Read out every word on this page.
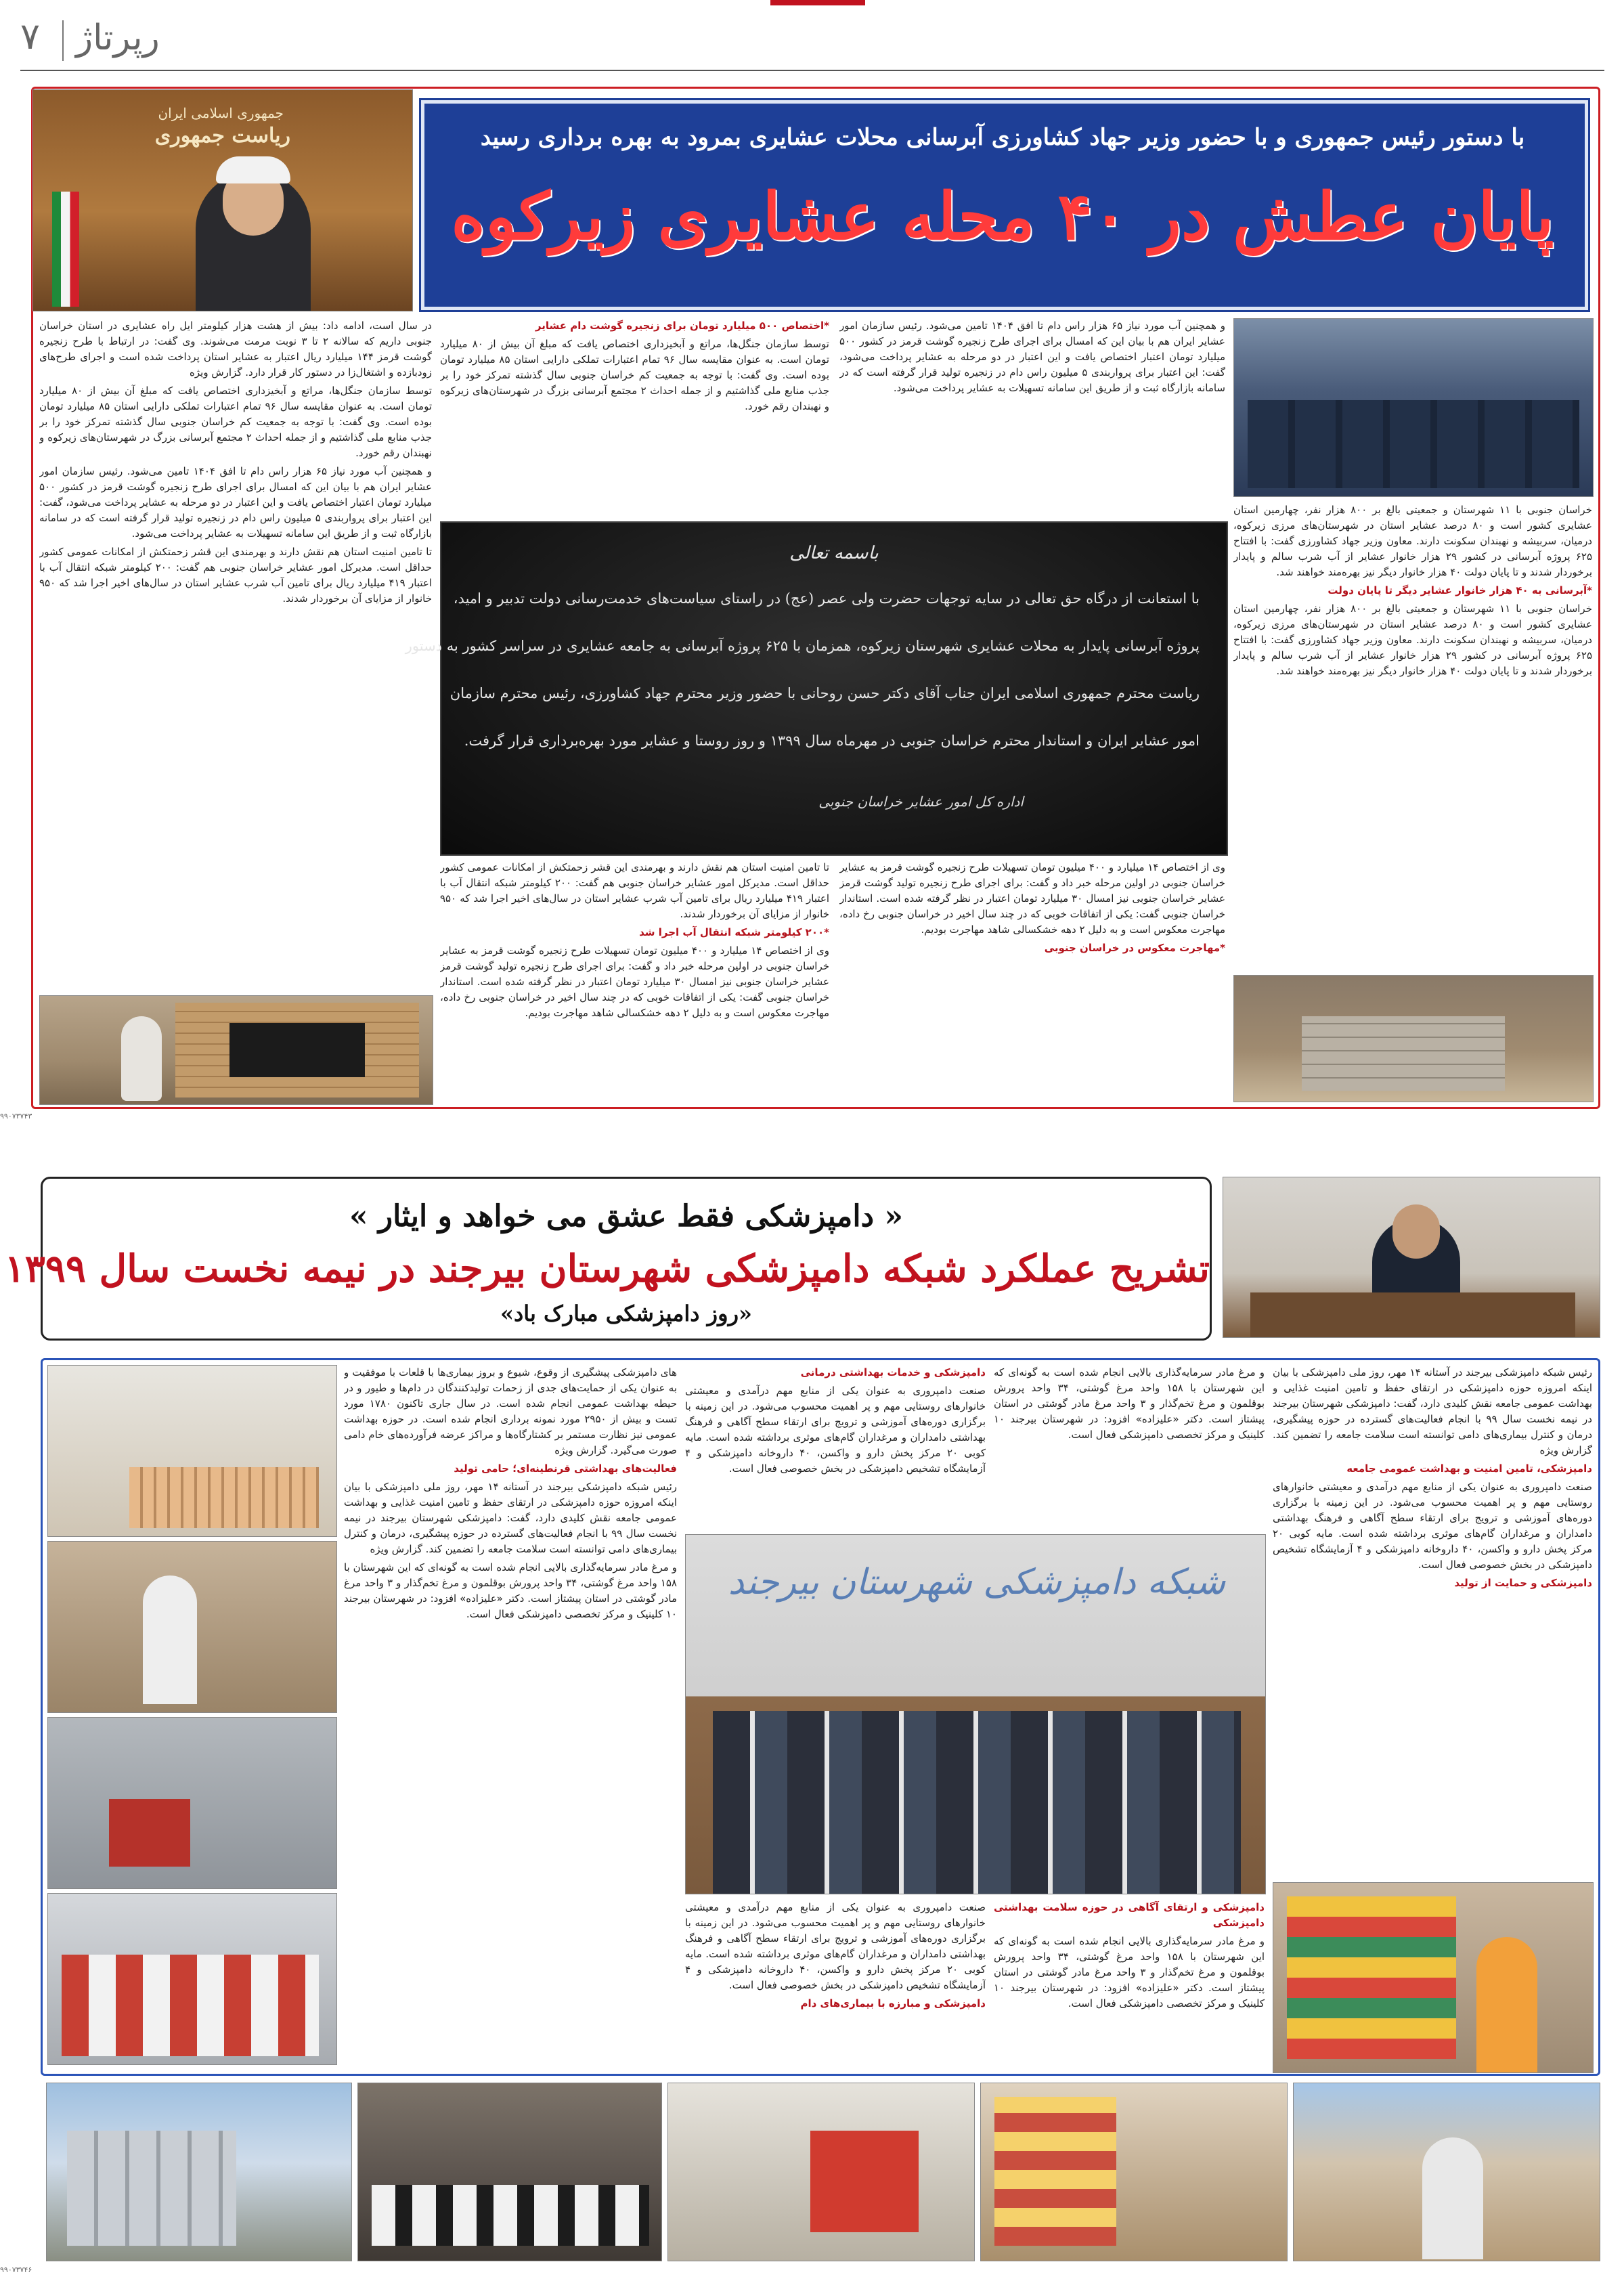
۷ رپرتاژ
جمهوری اسلامی ایران
ریاست جمهوری	با دستور رئیس جمهوری و با حضور وزیر جهاد کشاورزی آبرسانی محلات عشایری بمرود به بهره برداری رسید
پایان عطش در ۴۰ محله عشایری زیرکوه

خراسان جنوبی با ۱۱ شهرستان و جمعیتی بالغ بر ۸۰۰ هزار نفر، چهارمین استان عشایری کشور است و ۸۰ درصد عشایر استان در شهرستان‌های مرزی زیرکوه، درمیان، سربیشه و نهبندان سکونت دارند. معاون وزیر جهاد کشاورزی گفت: با افتتاح ۶۲۵ پروژه آبرسانی در کشور ۲۹ هزار خانوار عشایر از آب شرب سالم و پایدار برخوردار شدند و تا پایان دولت ۴۰ هزار خانوار دیگر نیز بهره‌مند خواهند شد.

*آبرسانی به ۴۰ هزار خانوار عشایر دیگر تا پایان دولت

خراسان جنوبی با ۱۱ شهرستان و جمعیتی بالغ بر ۸۰۰ هزار نفر، چهارمین استان عشایری کشور است و ۸۰ درصد عشایر استان در شهرستان‌های مرزی زیرکوه، درمیان، سربیشه و نهبندان سکونت دارند. معاون وزیر جهاد کشاورزی گفت: با افتتاح ۶۲۵ پروژه آبرسانی در کشور ۲۹ هزار خانوار عشایر از آب شرب سالم و پایدار برخوردار شدند و تا پایان دولت ۴۰ هزار خانوار دیگر نیز بهره‌مند خواهند شد.

و همچنین آب مورد نیاز ۶۵ هزار راس دام تا افق ۱۴۰۴ تامین می‌شود. رئیس سازمان امور عشایر ایران هم با بیان این که امسال برای اجرای طرح زنجیره گوشت قرمز در کشور ۵۰۰ میلیارد تومان اعتبار اختصاص یافت و این اعتبار در دو مرحله به عشایر پرداخت می‌شود، گفت: این اعتبار برای پرواربندی ۵ میلیون راس دام در زنجیره تولید قرار گرفته است که در سامانه بازارگاه ثبت و از طریق این سامانه تسهیلات به عشایر پرداخت می‌شود.

*اختصاص ۵۰۰ میلیارد تومان برای زنجیره گوشت دام عشایر

توسط سازمان جنگل‌ها، مراتع و آبخیزداری اختصاص یافت که مبلغ آن بیش از ۸۰ میلیارد تومان است. به عنوان مقایسه سال ۹۶ تمام اعتبارات تملکی دارایی استان ۸۵ میلیارد تومان بوده است. وی گفت: با توجه به جمعیت کم خراسان جنوبی سال گذشته تمرکز خود را بر جذب منابع ملی گذاشتیم و از جمله احداث ۲ مجتمع آبرسانی بزرگ در شهرستان‌های زیرکوه و نهبندان رقم خورد.

در سال است، ادامه داد: بیش از هشت هزار کیلومتر ایل راه عشایری در استان خراسان جنوبی داریم که سالانه ۲ تا ۳ نوبت مرمت می‌شوند. وی گفت: در ارتباط با طرح زنجیره گوشت قرمز ۱۴۴ میلیارد ریال اعتبار به عشایر استان پرداخت شده است و اجرای طرح‌های زودبازده و اشتغال‌زا در دستور کار قرار دارد. گزارش ویژه

توسط سازمان جنگل‌ها، مراتع و آبخیزداری اختصاص یافت که مبلغ آن بیش از ۸۰ میلیارد تومان است. به عنوان مقایسه سال ۹۶ تمام اعتبارات تملکی دارایی استان ۸۵ میلیارد تومان بوده است. وی گفت: با توجه به جمعیت کم خراسان جنوبی سال گذشته تمرکز خود را بر جذب منابع ملی گذاشتیم و از جمله احداث ۲ مجتمع آبرسانی بزرگ در شهرستان‌های زیرکوه و نهبندان رقم خورد.

و همچنین آب مورد نیاز ۶۵ هزار راس دام تا افق ۱۴۰۴ تامین می‌شود. رئیس سازمان امور عشایر ایران هم با بیان این که امسال برای اجرای طرح زنجیره گوشت قرمز در کشور ۵۰۰ میلیارد تومان اعتبار اختصاص یافت و این اعتبار در دو مرحله به عشایر پرداخت می‌شود، گفت: این اعتبار برای پرواربندی ۵ میلیون راس دام در زنجیره تولید قرار گرفته است که در سامانه بازارگاه ثبت و از طریق این سامانه تسهیلات به عشایر پرداخت می‌شود.

تا تامین امنیت استان هم نقش دارند و بهرمندی این قشر زحمتکش از امکانات عمومی کشور حداقل است. مدیرکل امور عشایر خراسان جنوبی هم گفت: ۲۰۰ کیلومتر شبکه انتقال آب با اعتبار ۴۱۹ میلیارد ریال برای تامین آب شرب عشایر استان در سال‌های اخیر اجرا شد که ۹۵۰ خانوار از مزایای آن برخوردار شدند.

باسمه تعالی
با استعانت از درگاه حق تعالی در سایه توجهات حضرت ولی عصر (عج) در راستای سیاست‌های خدمت‌رسانی دولت تدبیر و امید،
پروژه آبرسانی پایدار به محلات عشایری شهرستان زیرکوه، همزمان با ۶۲۵ پروژه آبرسانی به جامعه عشایری در سراسر کشور به دستور
ریاست محترم جمهوری اسلامی ایران جناب آقای دکتر حسن روحانی با حضور وزیر محترم جهاد کشاورزی، رئیس محترم سازمان
امور عشایر ایران و استاندار محترم خراسان جنوبی در مهرماه سال ۱۳۹۹ و روز روستا و عشایر مورد بهره‌برداری قرار گرفت.
اداره کل امور عشایر خراسان جنوبی

وی از اختصاص ۱۴ میلیارد و ۴۰۰ میلیون تومان تسهیلات طرح زنجیره گوشت قرمز به عشایر خراسان جنوبی در اولین مرحله خبر داد و گفت: برای اجرای طرح زنجیره تولید گوشت قرمز عشایر خراسان جنوبی نیز امسال ۳۰ میلیارد تومان اعتبار در نظر گرفته شده است. استاندار خراسان جنوبی گفت: یکی از اتفاقات خوبی که در چند سال اخیر در خراسان جنوبی رخ داده، مهاجرت معکوس است و به دلیل ۲ دهه خشکسالی شاهد مهاجرت بودیم.

*مهاجرت معکوس در خراسان جنوبی

تا تامین امنیت استان هم نقش دارند و بهرمندی این قشر زحمتکش از امکانات عمومی کشور حداقل است. مدیرکل امور عشایر خراسان جنوبی هم گفت: ۲۰۰ کیلومتر شبکه انتقال آب با اعتبار ۴۱۹ میلیارد ریال برای تامین آب شرب عشایر استان در سال‌های اخیر اجرا شد که ۹۵۰ خانوار از مزایای آن برخوردار شدند.

*۲۰۰ کیلومتر شبکه انتقال آب اجرا شد

وی از اختصاص ۱۴ میلیارد و ۴۰۰ میلیون تومان تسهیلات طرح زنجیره گوشت قرمز به عشایر خراسان جنوبی در اولین مرحله خبر داد و گفت: برای اجرای طرح زنجیره تولید گوشت قرمز عشایر خراسان جنوبی نیز امسال ۳۰ میلیارد تومان اعتبار در نظر گرفته شده است. استاندار خراسان جنوبی گفت: یکی از اتفاقات خوبی که در چند سال اخیر در خراسان جنوبی رخ داده، مهاجرت معکوس است و به دلیل ۲ دهه خشکسالی شاهد مهاجرت بودیم.

۹۹۰۷۳۷۴۳
« دامپزشکی فقط عشق می خواهد و ایثار »
تشریح عملکرد شبکه دامپزشکی شهرستان بیرجند در نیمه نخست سال ۱۳۹۹
«روز دامپزشکی مبارک باد»

رئیس شبکه دامپزشکی بیرجند در آستانه ۱۴ مهر، روز ملی دامپزشکی با بیان اینکه امروزه حوزه دامپزشکی در ارتقای حفظ و تامین امنیت غذایی و بهداشت عمومی جامعه نقش کلیدی دارد، گفت: دامپزشکی شهرستان بیرجند در نیمه نخست سال ۹۹ با انجام فعالیت‌های گسترده در حوزه پیشگیری، درمان و کنترل بیماری‌های دامی توانسته است سلامت جامعه را تضمین کند. گزارش ویژه

دامپزشکی، تامین امنیت و بهداشت عمومی جامعه

صنعت دامپروری به عنوان یکی از منابع مهم درآمدی و معیشتی خانوارهای روستایی مهم و پر اهمیت محسوب می‌شود. در این زمینه با برگزاری دوره‌های آموزشی و ترویج برای ارتقاء سطح آگاهی و فرهنگ بهداشتی دامداران و مرغداران گام‌های موثری برداشته شده است. مایه کوبی ۲۰ مرکز پخش دارو و واکسن، ۴۰ داروخانه دامپزشکی و ۴ آزمایشگاه تشخیص دامپزشکی در بخش خصوصی فعال است.

دامپزشکی و حمایت از تولید

و مرغ مادر سرمایه‌گذاری بالایی انجام شده است به گونه‌ای که این شهرستان با ۱۵۸ واحد مرغ گوشتی، ۳۴ واحد پرورش بوقلمون و مرغ تخم‌گذار و ۳ واحد مرغ مادر گوشتی در استان پیشتاز است. دکتر «علیزاده» افزود: در شهرستان بیرجند ۱۰ کلینیک و مرکز تخصصی دامپزشکی فعال است.

دامپزشکی و خدمات بهداشتی درمانی

صنعت دامپروری به عنوان یکی از منابع مهم درآمدی و معیشتی خانوارهای روستایی مهم و پر اهمیت محسوب می‌شود. در این زمینه با برگزاری دوره‌های آموزشی و ترویج برای ارتقاء سطح آگاهی و فرهنگ بهداشتی دامداران و مرغداران گام‌های موثری برداشته شده است. مایه کوبی ۲۰ مرکز پخش دارو و واکسن، ۴۰ داروخانه دامپزشکی و ۴ آزمایشگاه تشخیص دامپزشکی در بخش خصوصی فعال است.

شبکه دامپزشکی شهرستان بیرجند

دامپزشکی و ارتقای آگاهی در حوزه سلامت بهداشتی دامپزشکی

و مرغ مادر سرمایه‌گذاری بالایی انجام شده است به گونه‌ای که این شهرستان با ۱۵۸ واحد مرغ گوشتی، ۳۴ واحد پرورش بوقلمون و مرغ تخم‌گذار و ۳ واحد مرغ مادر گوشتی در استان پیشتاز است. دکتر «علیزاده» افزود: در شهرستان بیرجند ۱۰ کلینیک و مرکز تخصصی دامپزشکی فعال است.

صنعت دامپروری به عنوان یکی از منابع مهم درآمدی و معیشتی خانوارهای روستایی مهم و پر اهمیت محسوب می‌شود. در این زمینه با برگزاری دوره‌های آموزشی و ترویج برای ارتقاء سطح آگاهی و فرهنگ بهداشتی دامداران و مرغداران گام‌های موثری برداشته شده است. مایه کوبی ۲۰ مرکز پخش دارو و واکسن، ۴۰ داروخانه دامپزشکی و ۴ آزمایشگاه تشخیص دامپزشکی در بخش خصوصی فعال است.

دامپزشکی و مبارزه با بیماری‌های دام

های دامپزشکی پیشگیری از وقوع، شیوع و بروز بیماری‌ها با قلعات با موفقیت و به عنوان یکی از حمایت‌های جدی از زحمات تولیدکنندگان در دام‌ها و طیور و در حیطه بهداشت عمومی انجام شده است. در سال جاری تاکنون ۱۷۸۰ مورد تست و بیش از ۲۹۵۰ مورد نمونه برداری انجام شده است. در حوزه بهداشت عمومی نیز نظارت مستمر بر کشتارگاه‌ها و مراکز عرضه فرآورده‌های خام دامی صورت می‌گیرد. گزارش ویژه

فعالیت‌های بهداشتی قرنطینه‌ای؛ حامی تولید

رئیس شبکه دامپزشکی بیرجند در آستانه ۱۴ مهر، روز ملی دامپزشکی با بیان اینکه امروزه حوزه دامپزشکی در ارتقای حفظ و تامین امنیت غذایی و بهداشت عمومی جامعه نقش کلیدی دارد، گفت: دامپزشکی شهرستان بیرجند در نیمه نخست سال ۹۹ با انجام فعالیت‌های گسترده در حوزه پیشگیری، درمان و کنترل بیماری‌های دامی توانسته است سلامت جامعه را تضمین کند. گزارش ویژه

و مرغ مادر سرمایه‌گذاری بالایی انجام شده است به گونه‌ای که این شهرستان با ۱۵۸ واحد مرغ گوشتی، ۳۴ واحد پرورش بوقلمون و مرغ تخم‌گذار و ۳ واحد مرغ مادر گوشتی در استان پیشتاز است. دکتر «علیزاده» افزود: در شهرستان بیرجند ۱۰ کلینیک و مرکز تخصصی دامپزشکی فعال است.

۹۹۰۷۳۷۴۶
